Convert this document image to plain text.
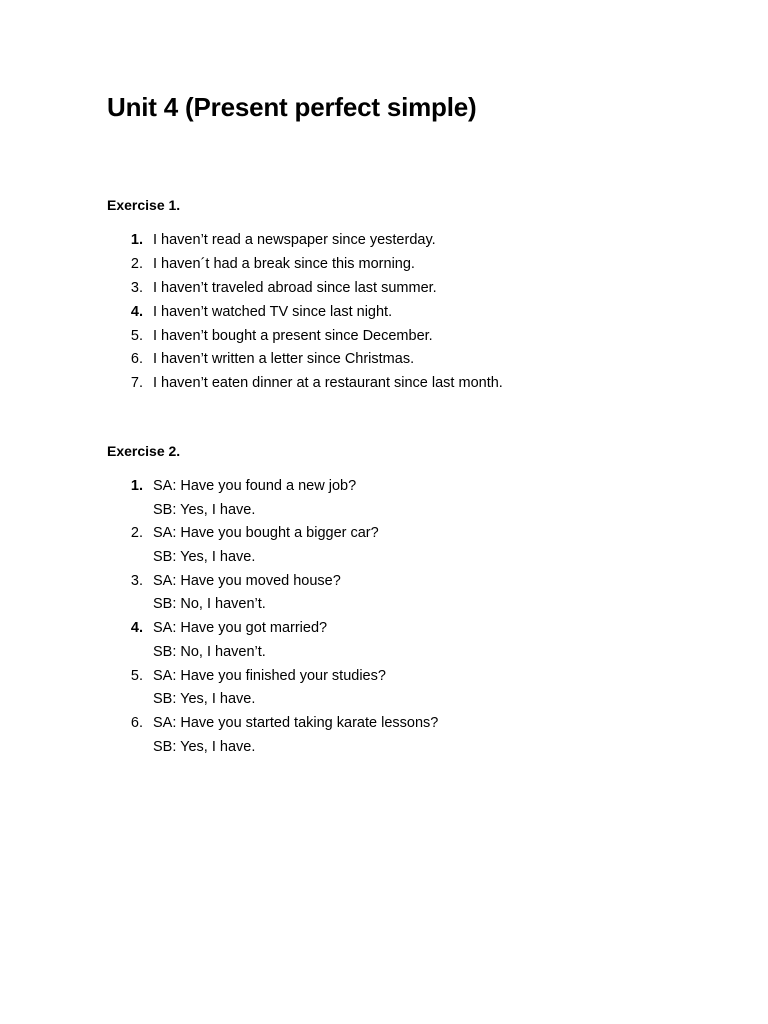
Unit 4 (Present perfect simple)
Exercise 1.
1. I haven’t read a newspaper since yesterday.
2. I haven´t had a break since this morning.
3. I haven’t traveled abroad since last summer.
4. I haven’t watched TV since last night.
5. I haven’t bought a present since December.
6. I haven’t written a letter since Christmas.
7. I haven’t eaten dinner at a restaurant since last month.
Exercise 2.
1. SA: Have you found a new job?
SB: Yes, I have.
2. SA: Have you bought a bigger car?
SB: Yes, I have.
3. SA: Have you moved house?
SB: No, I haven’t.
4. SA: Have you got married?
SB: No, I haven’t.
5. SA: Have you finished your studies?
SB: Yes, I have.
6. SA: Have you started taking karate lessons?
SB: Yes, I have.
